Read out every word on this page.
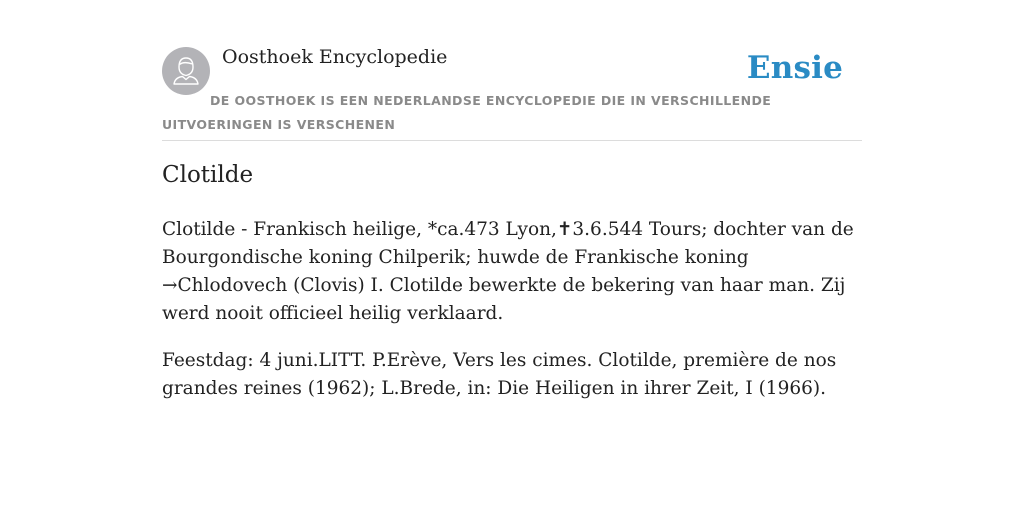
Oosthoek Encyclopedie	Ensie
DE OOSTHOEK IS EEN NEDERLANDSE ENCYCLOPEDIE DIE IN VERSCHILLENDE UITVOERINGEN IS VERSCHENEN
Clotilde

Clotilde - Frankisch heilige, *ca.473 Lyon,✝3.6.544 Tours; dochter van de Bourgondische koning Chilperik; huwde de Frankische koning →Chlodovech (Clovis) I. Clotilde bewerkte de bekering van haar man. Zij werd nooit officieel heilig verklaard.

Feestdag: 4 juni.LITT. P.Erève, Vers les cimes. Clotilde, première de nos grandes reines (1962); L.Brede, in: Die Heiligen in ihrer Zeit, I (1966).
